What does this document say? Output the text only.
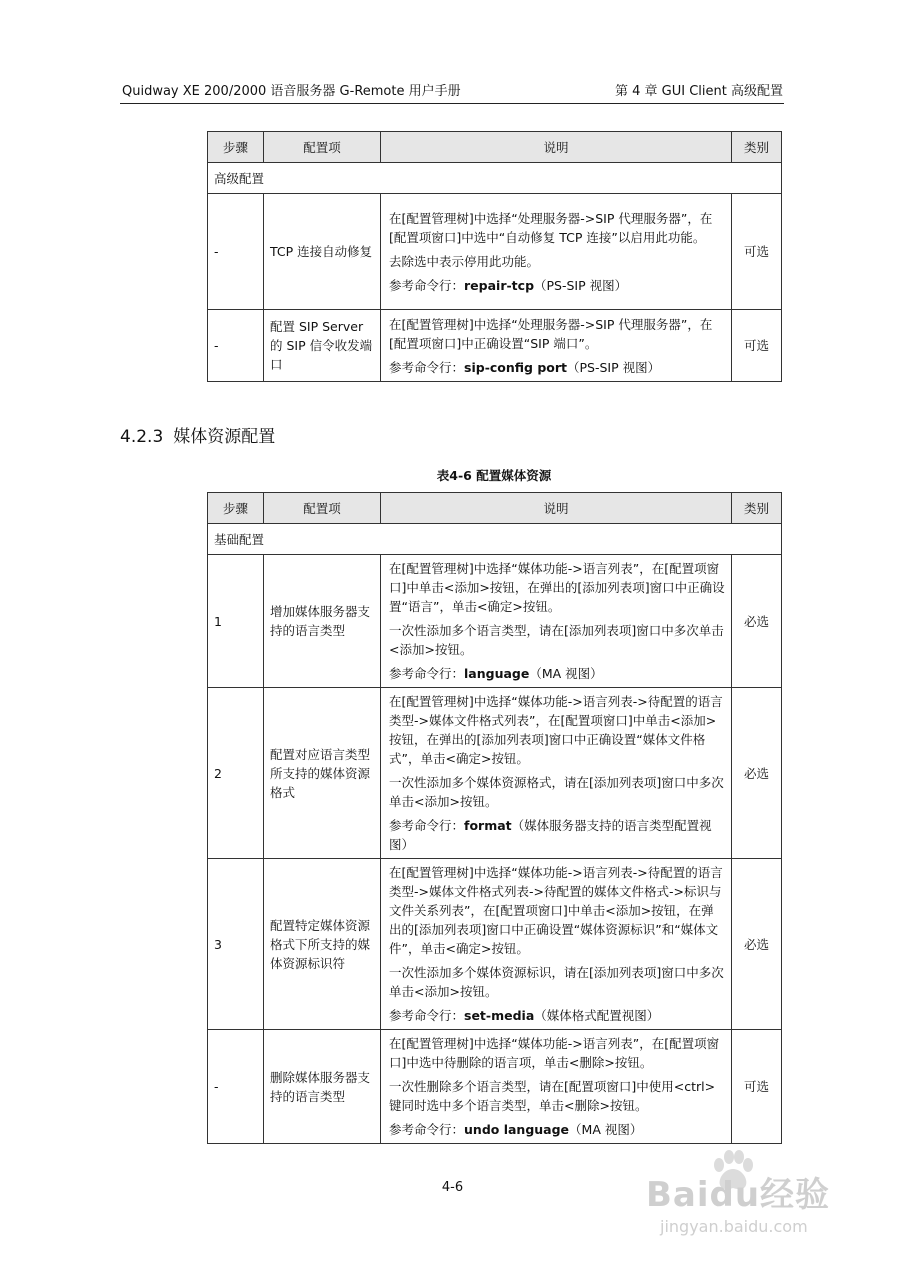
Quidway XE 200/2000 语音服务器 G-Remote 用户手册	第 4 章 GUI Client 高级配置
步骤	配置项	说明	类别
高级配置			
-	TCP 连接自动修复	在[配置管理树]中选择“处理服务器->SIP 代理服务器”，在[配置项窗口]中选中“自动修复 TCP 连接”以启用此功能。

去除选中表示停用此功能。

参考命令行：repair-tcp（PS-SIP 视图）	可选
-	配置 SIP Server 的 SIP 信令收发端口	在[配置管理树]中选择“处理服务器->SIP 代理服务器”，在[配置项窗口]中正确设置“SIP 端口”。

参考命令行：sip-config port（PS-SIP 视图）	可选
4.2.3 媒体资源配置
表4-6 配置媒体资源
步骤	配置项	说明	类别
基础配置			
1	增加媒体服务器支持的语言类型	在[配置管理树]中选择“媒体功能->语言列表”，在[配置项窗口]中单击<添加>按钮，在弹出的[添加列表项]窗口中正确设置“语言”，单击<确定>按钮。

一次性添加多个语言类型，请在[添加列表项]窗口中多次单击<添加>按钮。

参考命令行：language（MA 视图）	必选
2	配置对应语言类型所支持的媒体资源格式	在[配置管理树]中选择“媒体功能->语言列表->待配置的语言类型->媒体文件格式列表”，在[配置项窗口]中单击<添加>按钮，在弹出的[添加列表项]窗口中正确设置“媒体文件格式”，单击<确定>按钮。

一次性添加多个媒体资源格式，请在[添加列表项]窗口中多次单击<添加>按钮。

参考命令行：format（媒体服务器支持的语言类型配置视图）	必选
3	配置特定媒体资源格式下所支持的媒体资源标识符	在[配置管理树]中选择“媒体功能->语言列表->待配置的语言类型->媒体文件格式列表->待配置的媒体文件格式->标识与文件关系列表”，在[配置项窗口]中单击<添加>按钮，在弹出的[添加列表项]窗口中正确设置“媒体资源标识”和“媒体文件”，单击<确定>按钮。

一次性添加多个媒体资源标识，请在[添加列表项]窗口中多次单击<添加>按钮。

参考命令行：set-media（媒体格式配置视图）	必选
-	删除媒体服务器支持的语言类型	在[配置管理树]中选择“媒体功能->语言列表”，在[配置项窗口]中选中待删除的语言项，单击<删除>按钮。

一次性删除多个语言类型，请在[配置项窗口]中使用<ctrl>键同时选中多个语言类型，单击<删除>按钮。

参考命令行：undo language（MA 视图）	可选
4-6	Baidu经验
jingyan.baidu.com
